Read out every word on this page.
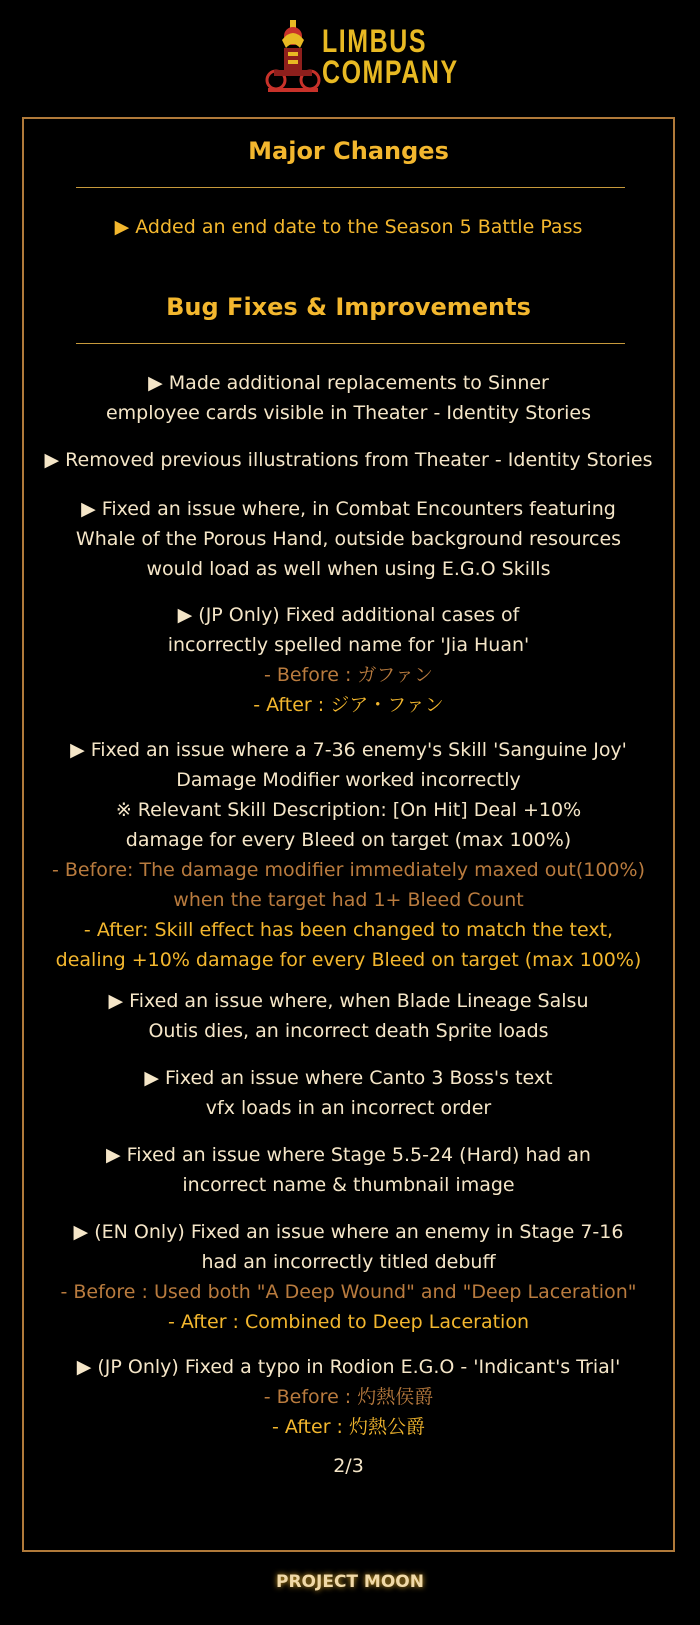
LIMBUS
COMPANY
Major Changes
▶ Added an end date to the Season 5 Battle Pass
Bug Fixes & Improvements
▶ Made additional replacements to Sinner
employee cards visible in Theater - Identity Stories
▶ Removed previous illustrations from Theater - Identity Stories
▶ Fixed an issue where, in Combat Encounters featuring
Whale of the Porous Hand, outside background resources
would load as well when using E.G.O Skills
▶ (JP Only) Fixed additional cases of
incorrectly spelled name for 'Jia Huan'
- Before : ガファン
- After : ジア・ファン
▶ Fixed an issue where a 7-36 enemy's Skill 'Sanguine Joy'
Damage Modifier worked incorrectly
※ Relevant Skill Description: [On Hit] Deal +10%
damage for every Bleed on target (max 100%)
- Before: The damage modifier immediately maxed out(100%)
when the target had 1+ Bleed Count
- After: Skill effect has been changed to match the text,
dealing +10% damage for every Bleed on target (max 100%)
▶ Fixed an issue where, when Blade Lineage Salsu
Outis dies, an incorrect death Sprite loads
▶ Fixed an issue where Canto 3 Boss's text
vfx loads in an incorrect order
▶ Fixed an issue where Stage 5.5-24 (Hard) had an
incorrect name & thumbnail image
▶ (EN Only) Fixed an issue where an enemy in Stage 7-16
had an incorrectly titled debuff
- Before : Used both "A Deep Wound" and "Deep Laceration"
- After : Combined to Deep Laceration
▶ (JP Only) Fixed a typo in Rodion E.G.O - 'Indicant's Trial'
- Before : 灼熱侯爵
- After : 灼熱公爵
2/3
PROJECT MOON
